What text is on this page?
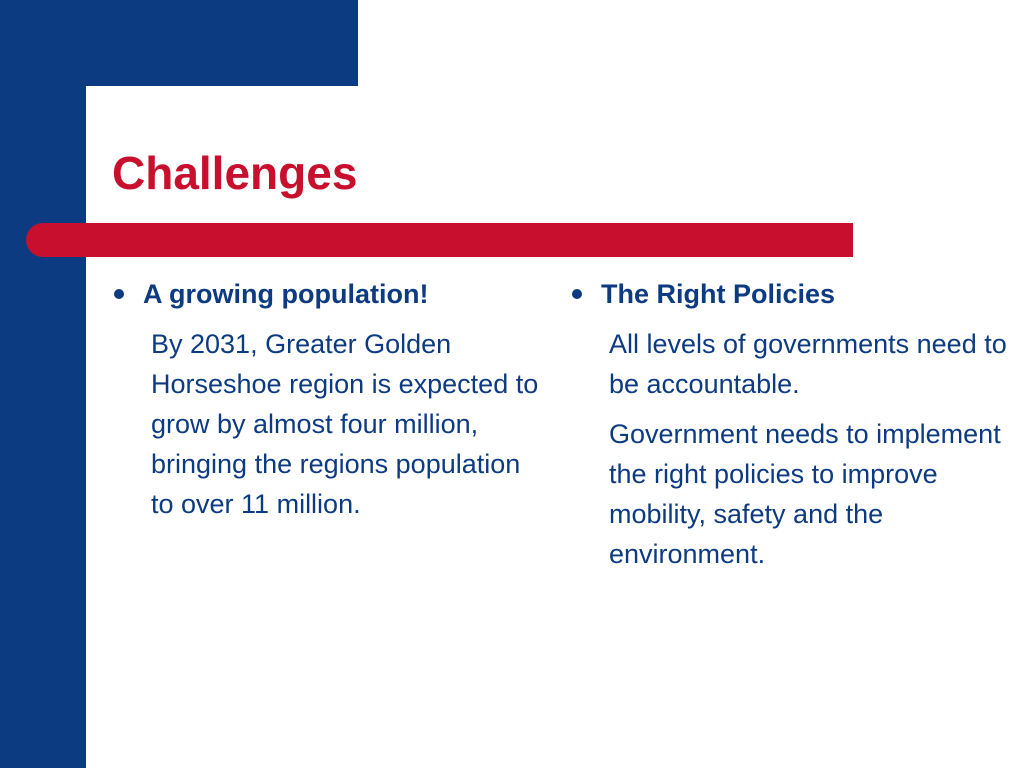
Challenges
A growing population!
By 2031, Greater Golden Horseshoe region is expected to grow by almost four million, bringing the regions population to over 11 million.
The Right Policies
All levels of governments need to be accountable.
Government needs to implement the right policies to improve mobility, safety and the environment.
